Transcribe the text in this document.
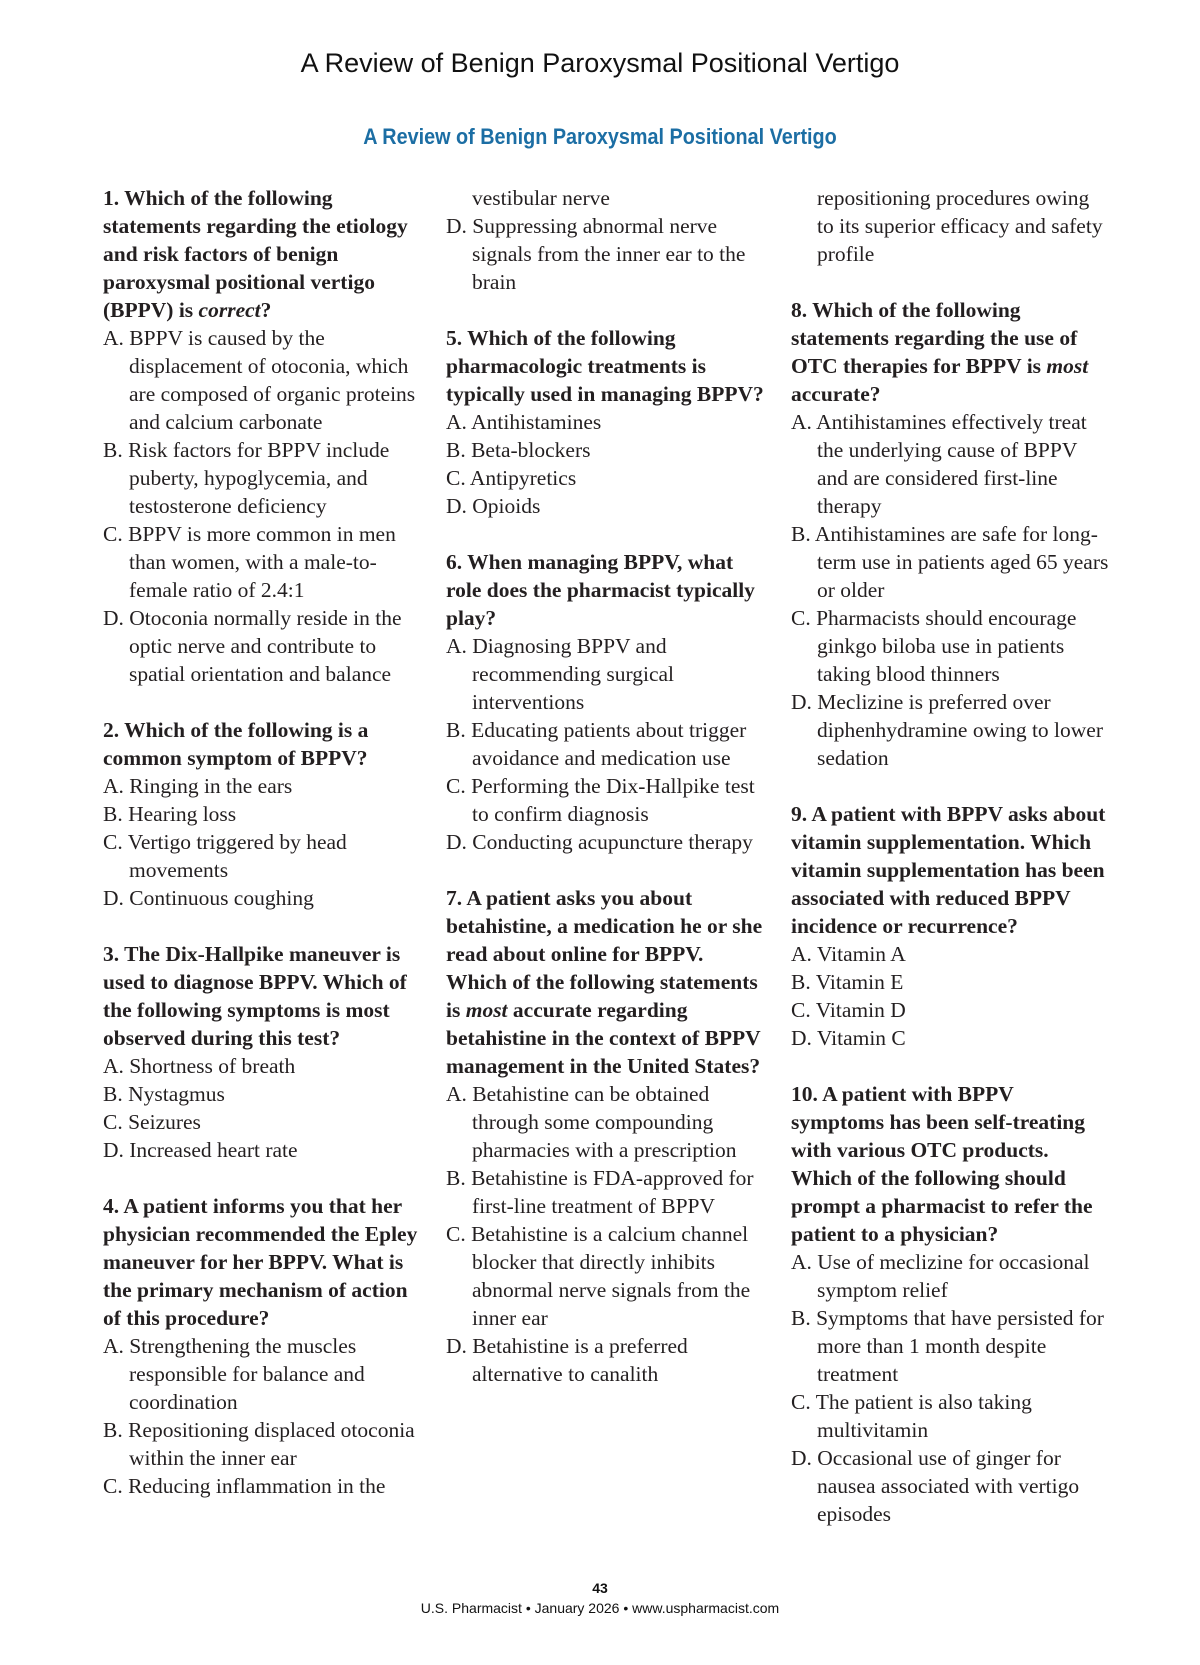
A Review of Benign Paroxysmal Positional Vertigo
A Review of Benign Paroxysmal Positional Vertigo
1. Which of the following statements regarding the etiology and risk factors of benign paroxysmal positional vertigo (BPPV) is correct?
A. BPPV is caused by the displacement of otoconia, which are composed of organic proteins and calcium carbonate
B. Risk factors for BPPV include puberty, hypoglycemia, and testosterone deficiency
C. BPPV is more common in men than women, with a male-to-female ratio of 2.4:1
D. Otoconia normally reside in the optic nerve and contribute to spatial orientation and balance
2. Which of the following is a common symptom of BPPV?
A. Ringing in the ears
B. Hearing loss
C. Vertigo triggered by head movements
D. Continuous coughing
3. The Dix-Hallpike maneuver is used to diagnose BPPV. Which of the following symptoms is most observed during this test?
A. Shortness of breath
B. Nystagmus
C. Seizures
D. Increased heart rate
4. A patient informs you that her physician recommended the Epley maneuver for her BPPV. What is the primary mechanism of action of this procedure?
A. Strengthening the muscles responsible for balance and coordination
B. Repositioning displaced otoconia within the inner ear
C. Reducing inflammation in the
vestibular nerve
D. Suppressing abnormal nerve signals from the inner ear to the brain
5. Which of the following pharmacologic treatments is typically used in managing BPPV?
A. Antihistamines
B. Beta-blockers
C. Antipyretics
D. Opioids
6. When managing BPPV, what role does the pharmacist typically play?
A. Diagnosing BPPV and recommending surgical interventions
B. Educating patients about trigger avoidance and medication use
C. Performing the Dix-Hallpike test to confirm diagnosis
D. Conducting acupuncture therapy
7. A patient asks you about betahistine, a medication he or she read about online for BPPV. Which of the following statements is most accurate regarding betahistine in the context of BPPV management in the United States?
A. Betahistine can be obtained through some compounding pharmacies with a prescription
B. Betahistine is FDA-approved for first-line treatment of BPPV
C. Betahistine is a calcium channel blocker that directly inhibits abnormal nerve signals from the inner ear
D. Betahistine is a preferred alternative to canalith
repositioning procedures owing to its superior efficacy and safety profile
8. Which of the following statements regarding the use of OTC therapies for BPPV is most accurate?
A. Antihistamines effectively treat the underlying cause of BPPV and are considered first-line therapy
B. Antihistamines are safe for long-term use in patients aged 65 years or older
C. Pharmacists should encourage ginkgo biloba use in patients taking blood thinners
D. Meclizine is preferred over diphenhydramine owing to lower sedation
9. A patient with BPPV asks about vitamin supplementation. Which vitamin supplementation has been associated with reduced BPPV incidence or recurrence?
A. Vitamin A
B. Vitamin E
C. Vitamin D
D. Vitamin C
10. A patient with BPPV symptoms has been self-treating with various OTC products. Which of the following should prompt a pharmacist to refer the patient to a physician?
A. Use of meclizine for occasional symptom relief
B. Symptoms that have persisted for more than 1 month despite treatment
C. The patient is also taking multivitamin
D. Occasional use of ginger for nausea associated with vertigo episodes
43
U.S. Pharmacist • January 2026 • www.uspharmacist.com
